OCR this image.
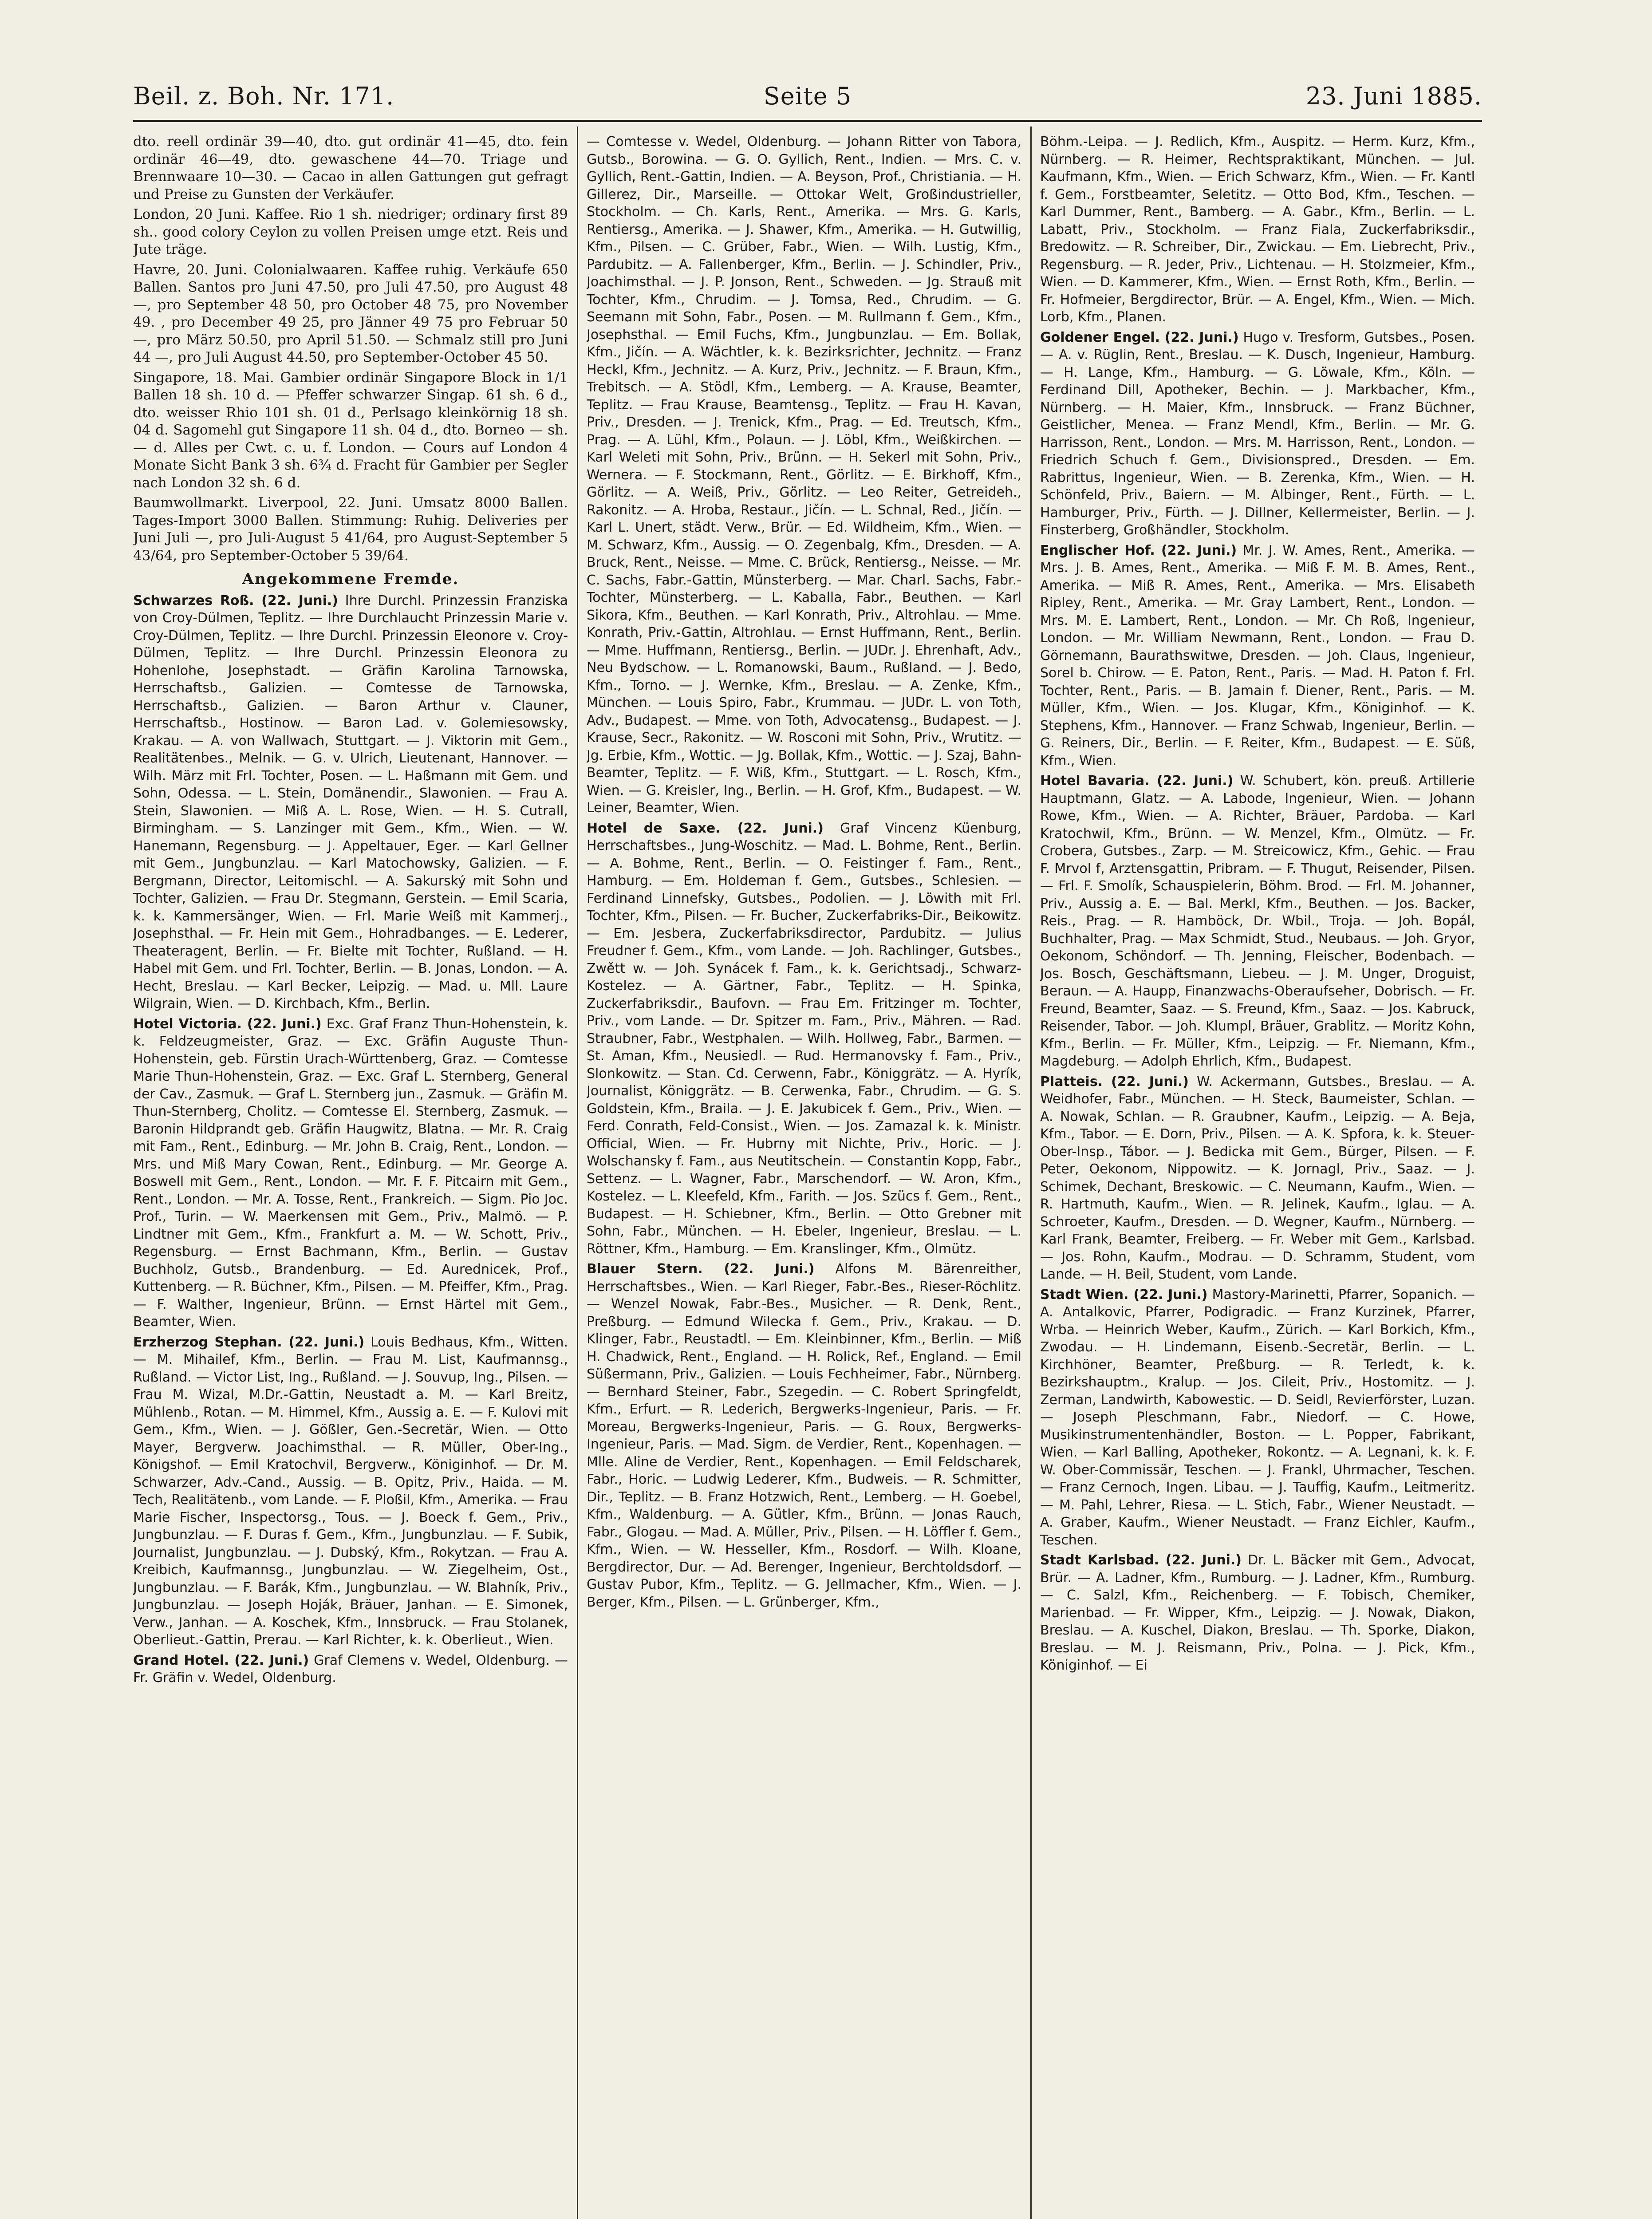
Beil. z. Boh. Nr. 171.	Seite 5	23. Juni 1885.

dto. reell ordinär 39—40, dto. gut ordinär 41—45, dto. fein ordinär 46—49, dto. gewaschene 44—70. Triage und Brennwaare 10—30. — Cacao in allen Gattungen gut gefragt und Preise zu Gunsten der Verkäufer.

London, 20 Juni. Kaffee. Rio 1 sh. niedriger; ordinary first 89 sh.. good colory Ceylon zu vollen Preisen umge etzt. Reis und Jute träge.

Havre, 20. Juni. Colonialwaaren. Kaffee ruhig. Verkäufe 650 Ballen. Santos pro Juni 47.50, pro Juli 47.50, pro August 48 —, pro September 48 50, pro October 48 75, pro November 49. , pro December 49 25, pro Jänner 49 75 pro Februar 50 —, pro März 50.50, pro April 51.50. — Schmalz still pro Juni 44 —, pro Juli August 44.50, pro September-October 45 50.

Singapore, 18. Mai. Gambier ordinär Singapore Block in 1/1 Ballen 18 sh. 10 d. — Pfeffer schwarzer Singap. 61 sh. 6 d., dto. weisser Rhio 101 sh. 01 d., Perlsago kleinkörnig 18 sh. 04 d. Sagomehl gut Singapore 11 sh. 04 d., dto. Borneo — sh. — d. Alles per Cwt. c. u. f. London. — Cours auf London 4 Monate Sicht Bank 3 sh. 6¾ d. Fracht für Gambier per Segler nach London 32 sh. 6 d.

Baumwollmarkt. Liverpool, 22. Juni. Umsatz 8000 Ballen. Tages-Import 3000 Ballen. Stimmung: Ruhig. Deliveries per Juni Juli —, pro Juli-August 5 41/64, pro August-September 5 43/64, pro September-October 5 39/64.

Angekommene Fremde.

Schwarzes Roß. (22. Juni.) Ihre Durchl. Prinzessin Franziska von Croy-Dülmen, Teplitz. — Ihre Durchlaucht Prinzessin Marie v. Croy-Dülmen, Teplitz. — Ihre Durchl. Prinzessin Eleonore v. Croy-Dülmen, Teplitz. — Ihre Durchl. Prinzessin Eleonora zu Hohenlohe, Josephstadt. — Gräfin Karolina Tarnowska, Herrschaftsb., Galizien. — Comtesse de Tarnowska, Herrschaftsb., Galizien. — Baron Arthur v. Clauner, Herrschaftsb., Hostinow. — Baron Lad. v. Golemiesowsky, Krakau. — A. von Wallwach, Stuttgart. — J. Viktorin mit Gem., Realitätenbes., Melnik. — G. v. Ulrich, Lieutenant, Hannover. — Wilh. März mit Frl. Tochter, Posen. — L. Haßmann mit Gem. und Sohn, Odessa. — L. Stein, Domänendir., Slawonien. — Frau A. Stein, Slawonien. — Miß A. L. Rose, Wien. — H. S. Cutrall, Birmingham. — S. Lanzinger mit Gem., Kfm., Wien. — W. Hanemann, Regensburg. — J. Appeltauer, Eger. — Karl Gellner mit Gem., Jungbunzlau. — Karl Matochowsky, Galizien. — F. Bergmann, Director, Leitomischl. — A. Sakurský mit Sohn und Tochter, Galizien. — Frau Dr. Stegmann, Gerstein. — Emil Scaria, k. k. Kammersänger, Wien. — Frl. Marie Weiß mit Kammerj., Josephsthal. — Fr. Hein mit Gem., Hohradbanges. — E. Lederer, Theateragent, Berlin. — Fr. Bielte mit Tochter, Rußland. — H. Habel mit Gem. und Frl. Tochter, Berlin. — B. Jonas, London. — A. Hecht, Breslau. — Karl Becker, Leipzig. — Mad. u. Mll. Laure Wilgrain, Wien. — D. Kirchbach, Kfm., Berlin.

Hotel Victoria. (22. Juni.) Exc. Graf Franz Thun-Hohenstein, k. k. Feldzeugmeister, Graz. — Exc. Gräfin Auguste Thun-Hohenstein, geb. Fürstin Urach-Württenberg, Graz. — Comtesse Marie Thun-Hohenstein, Graz. — Exc. Graf L. Sternberg, General der Cav., Zasmuk. — Graf L. Sternberg jun., Zasmuk. — Gräfin M. Thun-Sternberg, Cholitz. — Comtesse El. Sternberg, Zasmuk. — Baronin Hildprandt geb. Gräfin Haugwitz, Blatna. — Mr. R. Craig mit Fam., Rent., Edinburg. — Mr. John B. Craig, Rent., London. — Mrs. und Miß Mary Cowan, Rent., Edinburg. — Mr. George A. Boswell mit Gem., Rent., London. — Mr. F. F. Pitcairn mit Gem., Rent., London. — Mr. A. Tosse, Rent., Frankreich. — Sigm. Pio Joc. Prof., Turin. — W. Maerkensen mit Gem., Priv., Malmö. — P. Lindtner mit Gem., Kfm., Frankfurt a. M. — W. Schott, Priv., Regensburg. — Ernst Bachmann, Kfm., Berlin. — Gustav Buchholz, Gutsb., Brandenburg. — Ed. Aurednicek, Prof., Kuttenberg. — R. Büchner, Kfm., Pilsen. — M. Pfeiffer, Kfm., Prag. — F. Walther, Ingenieur, Brünn. — Ernst Härtel mit Gem., Beamter, Wien.

Erzherzog Stephan. (22. Juni.) Louis Bedhaus, Kfm., Witten. — M. Mihailef, Kfm., Berlin. — Frau M. List, Kaufmannsg., Rußland. — Victor List, Ing., Rußland. — J. Souvup, Ing., Pilsen. — Frau M. Wizal, M.Dr.-Gattin, Neustadt a. M. — Karl Breitz, Mühlenb., Rotan. — M. Himmel, Kfm., Aussig a. E. — F. Kulovi mit Gem., Kfm., Wien. — J. Gößler, Gen.-Secretär, Wien. — Otto Mayer, Bergverw. Joachimsthal. — R. Müller, Ober-Ing., Königshof. — Emil Kratochvil, Bergverw., Königinhof. — Dr. M. Schwarzer, Adv.-Cand., Aussig. — B. Opitz, Priv., Haida. — M. Tech, Realitätenb., vom Lande. — F. Ploßil, Kfm., Amerika. — Frau Marie Fischer, Inspectorsg., Tous. — J. Boeck f. Gem., Priv., Jungbunzlau. — F. Duras f. Gem., Kfm., Jungbunzlau. — F. Subik, Journalist, Jungbunzlau. — J. Dubský, Kfm., Rokytzan. — Frau A. Kreibich, Kaufmannsg., Jungbunzlau. — W. Ziegelheim, Ost., Jungbunzlau. — F. Barák, Kfm., Jungbunzlau. — W. Blahník, Priv., Jungbunzlau. — Joseph Hoják, Bräuer, Janhan. — E. Simonek, Verw., Janhan. — A. Koschek, Kfm., Innsbruck. — Frau Stolanek, Oberlieut.-Gattin, Prerau. — Karl Richter, k. k. Oberlieut., Wien.

Grand Hotel. (22. Juni.) Graf Clemens v. Wedel, Oldenburg. — Fr. Gräfin v. Wedel, Oldenburg.

— Comtesse v. Wedel, Oldenburg. — Johann Ritter von Tabora, Gutsb., Borowina. — G. O. Gyllich, Rent., Indien. — Mrs. C. v. Gyllich, Rent.-Gattin, Indien. — A. Beyson, Prof., Christiania. — H. Gillerez, Dir., Marseille. — Ottokar Welt, Großindustrieller, Stockholm. — Ch. Karls, Rent., Amerika. — Mrs. G. Karls, Rentiersg., Amerika. — J. Shawer, Kfm., Amerika. — H. Gutwillig, Kfm., Pilsen. — C. Grüber, Fabr., Wien. — Wilh. Lustig, Kfm., Pardubitz. — A. Fallenberger, Kfm., Berlin. — J. Schindler, Priv., Joachimsthal. — J. P. Jonson, Rent., Schweden. — Jg. Strauß mit Tochter, Kfm., Chrudim. — J. Tomsa, Red., Chrudim. — G. Seemann mit Sohn, Fabr., Posen. — M. Rullmann f. Gem., Kfm., Josephsthal. — Emil Fuchs, Kfm., Jungbunzlau. — Em. Bollak, Kfm., Jičín. — A. Wächtler, k. k. Bezirksrichter, Jechnitz. — Franz Heckl, Kfm., Jechnitz. — A. Kurz, Priv., Jechnitz. — F. Braun, Kfm., Trebitsch. — A. Stödl, Kfm., Lemberg. — A. Krause, Beamter, Teplitz. — Frau Krause, Beamtensg., Teplitz. — Frau H. Kavan, Priv., Dresden. — J. Trenick, Kfm., Prag. — Ed. Treutsch, Kfm., Prag. — A. Lühl, Kfm., Polaun. — J. Löbl, Kfm., Weißkirchen. — Karl Weleti mit Sohn, Priv., Brünn. — H. Sekerl mit Sohn, Priv., Wernera. — F. Stockmann, Rent., Görlitz. — E. Birkhoff, Kfm., Görlitz. — A. Weiß, Priv., Görlitz. — Leo Reiter, Getreideh., Rakonitz. — A. Hroba, Restaur., Jičín. — L. Schnal, Red., Jičín. — Karl L. Unert, städt. Verw., Brür. — Ed. Wildheim, Kfm., Wien. — M. Schwarz, Kfm., Aussig. — O. Zegenbalg, Kfm., Dresden. — A. Bruck, Rent., Neisse. — Mme. C. Brück, Rentiersg., Neisse. — Mr. C. Sachs, Fabr.-Gattin, Münsterberg. — Mar. Charl. Sachs, Fabr.-Tochter, Münsterberg. — L. Kaballa, Fabr., Beuthen. — Karl Sikora, Kfm., Beuthen. — Karl Konrath, Priv., Altrohlau. — Mme. Konrath, Priv.-Gattin, Altrohlau. — Ernst Huffmann, Rent., Berlin. — Mme. Huffmann, Rentiersg., Berlin. — JUDr. J. Ehrenhaft, Adv., Neu Bydschow. — L. Romanowski, Baum., Rußland. — J. Bedo, Kfm., Torno. — J. Wernke, Kfm., Breslau. — A. Zenke, Kfm., München. — Louis Spiro, Fabr., Krummau. — JUDr. L. von Toth, Adv., Budapest. — Mme. von Toth, Advocatensg., Budapest. — J. Krause, Secr., Rakonitz. — W. Rosconi mit Sohn, Priv., Wrutitz. — Jg. Erbie, Kfm., Wottic. — Jg. Bollak, Kfm., Wottic. — J. Szaj, Bahn-Beamter, Teplitz. — F. Wiß, Kfm., Stuttgart. — L. Rosch, Kfm., Wien. — G. Kreisler, Ing., Berlin. — H. Grof, Kfm., Budapest. — W. Leiner, Beamter, Wien.

Hotel de Saxe. (22. Juni.) Graf Vincenz Küenburg, Herrschaftsbes., Jung-Woschitz. — Mad. L. Bohme, Rent., Berlin. — A. Bohme, Rent., Berlin. — O. Feistinger f. Fam., Rent., Hamburg. — Em. Holdeman f. Gem., Gutsbes., Schlesien. — Ferdinand Linnefsky, Gutsbes., Podolien. — J. Löwith mit Frl. Tochter, Kfm., Pilsen. — Fr. Bucher, Zuckerfabriks-Dir., Beikowitz. — Em. Jesbera, Zuckerfabriksdirector, Pardubitz. — Julius Freudner f. Gem., Kfm., vom Lande. — Joh. Rachlinger, Gutsbes., Zwětt w. — Joh. Synácek f. Fam., k. k. Gerichtsadj., Schwarz-Kostelez. — A. Gärtner, Fabr., Teplitz. — H. Spinka, Zuckerfabriksdir., Baufovn. — Frau Em. Fritzinger m. Tochter, Priv., vom Lande. — Dr. Spitzer m. Fam., Priv., Mähren. — Rad. Straubner, Fabr., Westphalen. — Wilh. Hollweg, Fabr., Barmen. — St. Aman, Kfm., Neusiedl. — Rud. Hermanovsky f. Fam., Priv., Slonkowitz. — Stan. Cd. Cerwenn, Fabr., Königgrätz. — A. Hyrík, Journalist, Königgrätz. — B. Cerwenka, Fabr., Chrudim. — G. S. Goldstein, Kfm., Braila. — J. E. Jakubicek f. Gem., Priv., Wien. — Ferd. Conrath, Feld-Consist., Wien. — Jos. Zamazal k. k. Ministr. Official, Wien. — Fr. Hubrny mit Nichte, Priv., Horic. — J. Wolschansky f. Fam., aus Neutitschein. — Constantin Kopp, Fabr., Settenz. — L. Wagner, Fabr., Marschendorf. — W. Aron, Kfm., Kostelez. — L. Kleefeld, Kfm., Farith. — Jos. Szücs f. Gem., Rent., Budapest. — H. Schiebner, Kfm., Berlin. — Otto Grebner mit Sohn, Fabr., München. — H. Ebeler, Ingenieur, Breslau. — L. Röttner, Kfm., Hamburg. — Em. Kranslinger, Kfm., Olmütz.

Blauer Stern. (22. Juni.) Alfons M. Bärenreither, Herrschaftsbes., Wien. — Karl Rieger, Fabr.-Bes., Rieser-Röchlitz. — Wenzel Nowak, Fabr.-Bes., Musicher. — R. Denk, Rent., Preßburg. — Edmund Wilecka f. Gem., Priv., Krakau. — D. Klinger, Fabr., Reustadtl. — Em. Kleinbinner, Kfm., Berlin. — Miß H. Chadwick, Rent., England. — H. Rolick, Ref., England. — Emil Süßermann, Priv., Galizien. — Louis Fechheimer, Fabr., Nürnberg. — Bernhard Steiner, Fabr., Szegedin. — C. Robert Springfeldt, Kfm., Erfurt. — R. Lederich, Bergwerks-Ingenieur, Paris. — Fr. Moreau, Bergwerks-Ingenieur, Paris. — G. Roux, Bergwerks-Ingenieur, Paris. — Mad. Sigm. de Verdier, Rent., Kopenhagen. — Mlle. Aline de Verdier, Rent., Kopenhagen. — Emil Feldscharek, Fabr., Horic. — Ludwig Lederer, Kfm., Budweis. — R. Schmitter, Dir., Teplitz. — B. Franz Hotzwich, Rent., Lemberg. — H. Goebel, Kfm., Waldenburg. — A. Gütler, Kfm., Brünn. — Jonas Rauch, Fabr., Glogau. — Mad. A. Müller, Priv., Pilsen. — H. Löffler f. Gem., Kfm., Wien. — W. Hesseller, Kfm., Rosdorf. — Wilh. Kloane, Bergdirector, Dur. — Ad. Berenger, Ingenieur, Berchtoldsdorf. — Gustav Pubor, Kfm., Teplitz. — G. Jellmacher, Kfm., Wien. — J. Berger, Kfm., Pilsen. — L. Grünberger, Kfm.,

Böhm.-Leipa. — J. Redlich, Kfm., Auspitz. — Herm. Kurz, Kfm., Nürnberg. — R. Heimer, Rechtspraktikant, München. — Jul. Kaufmann, Kfm., Wien. — Erich Schwarz, Kfm., Wien. — Fr. Kantl f. Gem., Forstbeamter, Seletitz. — Otto Bod, Kfm., Teschen. — Karl Dummer, Rent., Bamberg. — A. Gabr., Kfm., Berlin. — L. Labatt, Priv., Stockholm. — Franz Fiala, Zuckerfabriksdir., Bredowitz. — R. Schreiber, Dir., Zwickau. — Em. Liebrecht, Priv., Regensburg. — R. Jeder, Priv., Lichtenau. — H. Stolzmeier, Kfm., Wien. — D. Kammerer, Kfm., Wien. — Ernst Roth, Kfm., Berlin. — Fr. Hofmeier, Bergdirector, Brür. — A. Engel, Kfm., Wien. — Mich. Lorb, Kfm., Planen.

Goldener Engel. (22. Juni.) Hugo v. Tresform, Gutsbes., Posen. — A. v. Rüglin, Rent., Breslau. — K. Dusch, Ingenieur, Hamburg. — H. Lange, Kfm., Hamburg. — G. Löwale, Kfm., Köln. — Ferdinand Dill, Apotheker, Bechin. — J. Markbacher, Kfm., Nürnberg. — H. Maier, Kfm., Innsbruck. — Franz Büchner, Geistlicher, Menea. — Franz Mendl, Kfm., Berlin. — Mr. G. Harrisson, Rent., London. — Mrs. M. Harrisson, Rent., London. — Friedrich Schuch f. Gem., Divisionspred., Dresden. — Em. Rabrittus, Ingenieur, Wien. — B. Zerenka, Kfm., Wien. — H. Schönfeld, Priv., Baiern. — M. Albinger, Rent., Fürth. — L. Hamburger, Priv., Fürth. — J. Dillner, Kellermeister, Berlin. — J. Finsterberg, Großhändler, Stockholm.

Englischer Hof. (22. Juni.) Mr. J. W. Ames, Rent., Amerika. — Mrs. J. B. Ames, Rent., Amerika. — Miß F. M. B. Ames, Rent., Amerika. — Miß R. Ames, Rent., Amerika. — Mrs. Elisabeth Ripley, Rent., Amerika. — Mr. Gray Lambert, Rent., London. — Mrs. M. E. Lambert, Rent., London. — Mr. Ch Roß, Ingenieur, London. — Mr. William Newmann, Rent., London. — Frau D. Görnemann, Baurathswitwe, Dresden. — Joh. Claus, Ingenieur, Sorel b. Chirow. — E. Paton, Rent., Paris. — Mad. H. Paton f. Frl. Tochter, Rent., Paris. — B. Jamain f. Diener, Rent., Paris. — M. Müller, Kfm., Wien. — Jos. Klugar, Kfm., Königinhof. — K. Stephens, Kfm., Hannover. — Franz Schwab, Ingenieur, Berlin. — G. Reiners, Dir., Berlin. — F. Reiter, Kfm., Budapest. — E. Süß, Kfm., Wien.

Hotel Bavaria. (22. Juni.) W. Schubert, kön. preuß. Artillerie Hauptmann, Glatz. — A. Labode, Ingenieur, Wien. — Johann Rowe, Kfm., Wien. — A. Richter, Bräuer, Pardoba. — Karl Kratochwil, Kfm., Brünn. — W. Menzel, Kfm., Olmütz. — Fr. Crobera, Gutsbes., Zarp. — M. Streicowicz, Kfm., Gehic. — Frau F. Mrvol f, Arztensgattin, Pribram. — F. Thugut, Reisender, Pilsen. — Frl. F. Smolík, Schauspielerin, Böhm. Brod. — Frl. M. Johanner, Priv., Aussig a. E. — Bal. Merkl, Kfm., Beuthen. — Jos. Backer, Reis., Prag. — R. Hamböck, Dr. Wbil., Troja. — Joh. Bopál, Buchhalter, Prag. — Max Schmidt, Stud., Neubaus. — Joh. Gryor, Oekonom, Schöndorf. — Th. Jenning, Fleischer, Bodenbach. — Jos. Bosch, Geschäftsmann, Liebeu. — J. M. Unger, Droguist, Beraun. — A. Haupp, Finanzwachs-Oberaufseher, Dobrisch. — Fr. Freund, Beamter, Saaz. — S. Freund, Kfm., Saaz. — Jos. Kabruck, Reisender, Tabor. — Joh. Klumpl, Bräuer, Grablitz. — Moritz Kohn, Kfm., Berlin. — Fr. Müller, Kfm., Leipzig. — Fr. Niemann, Kfm., Magdeburg. — Adolph Ehrlich, Kfm., Budapest.

Platteis. (22. Juni.) W. Ackermann, Gutsbes., Breslau. — A. Weidhofer, Fabr., München. — H. Steck, Baumeister, Schlan. — A. Nowak, Schlan. — R. Graubner, Kaufm., Leipzig. — A. Beja, Kfm., Tabor. — E. Dorn, Priv., Pilsen. — A. K. Spfora, k. k. Steuer-Ober-Insp., Tábor. — J. Bedicka mit Gem., Bürger, Pilsen. — F. Peter, Oekonom, Nippowitz. — K. Jornagl, Priv., Saaz. — J. Schimek, Dechant, Breskowic. — C. Neumann, Kaufm., Wien. — R. Hartmuth, Kaufm., Wien. — R. Jelinek, Kaufm., Iglau. — A. Schroeter, Kaufm., Dresden. — D. Wegner, Kaufm., Nürnberg. — Karl Frank, Beamter, Freiberg. — Fr. Weber mit Gem., Karlsbad. — Jos. Rohn, Kaufm., Modrau. — D. Schramm, Student, vom Lande. — H. Beil, Student, vom Lande.

Stadt Wien. (22. Juni.) Mastory-Marinetti, Pfarrer, Sopanich. — A. Antalkovic, Pfarrer, Podigradic. — Franz Kurzinek, Pfarrer, Wrba. — Heinrich Weber, Kaufm., Zürich. — Karl Borkich, Kfm., Zwodau. — H. Lindemann, Eisenb.-Secretär, Berlin. — L. Kirchhöner, Beamter, Preßburg. — R. Terledt, k. k. Bezirkshauptm., Kralup. — Jos. Cileit, Priv., Hostomitz. — J. Zerman, Landwirth, Kabowestic. — D. Seidl, Revierförster, Luzan. — Joseph Pleschmann, Fabr., Niedorf. — C. Howe, Musikinstrumentenhändler, Boston. — L. Popper, Fabrikant, Wien. — Karl Balling, Apotheker, Rokontz. — A. Legnani, k. k. F. W. Ober-Commissär, Teschen. — J. Frankl, Uhrmacher, Teschen. — Franz Cernoch, Ingen. Libau. — J. Tauffig, Kaufm., Leitmeritz. — M. Pahl, Lehrer, Riesa. — L. Stich, Fabr., Wiener Neustadt. — A. Graber, Kaufm., Wiener Neustadt. — Franz Eichler, Kaufm., Teschen.

Stadt Karlsbad. (22. Juni.) Dr. L. Bäcker mit Gem., Advocat, Brür. — A. Ladner, Kfm., Rumburg. — J. Ladner, Kfm., Rumburg. — C. Salzl, Kfm., Reichenberg. — F. Tobisch, Chemiker, Marienbad. — Fr. Wipper, Kfm., Leipzig. — J. Nowak, Diakon, Breslau. — A. Kuschel, Diakon, Breslau. — Th. Sporke, Diakon, Breslau. — M. J. Reismann, Priv., Polna. — J. Pick, Kfm., Königinhof. — Ei
